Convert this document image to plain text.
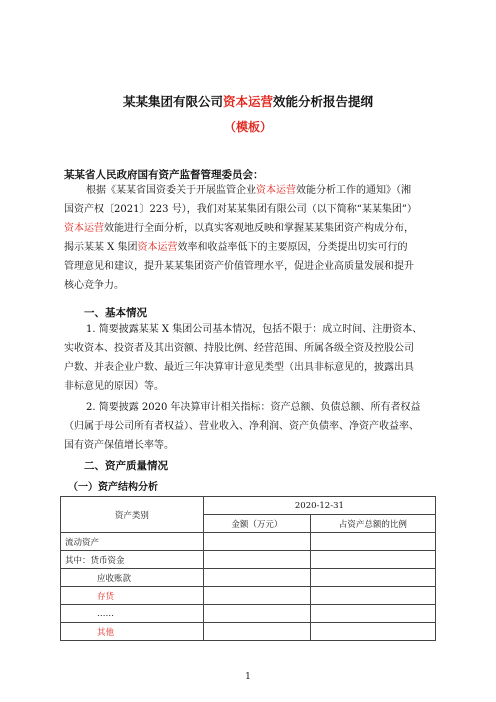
某某集团有限公司资本运营效能分析报告提纲
（模板）
某某省人民政府国有资产监督管理委员会：
根据《某某省国资委关于开展监管企业资本运营效能分析工作的通知》（湘
国资产权〔2021〕223 号），我们对某某集团有限公司（以下简称“某某集团”）
资本运营效能进行全面分析，以真实客观地反映和掌握某某集团资产构成分布，
揭示某某 X 集团资本运营效率和收益率低下的主要原因，分类提出切实可行的
管理意见和建议，提升某某集团资产价值管理水平，促进企业高质量发展和提升
核心竞争力。
一、基本情况
1. 简要披露某某 X 集团公司基本情况，包括不限于：成立时间、注册资本、
实收资本、投资者及其出资额、持股比例、经营范围、所属各级全资及控股公司
户数、并表企业户数、最近三年决算审计意见类型（出具非标意见的，披露出具
非标意见的原因）等。
2. 简要披露 2020 年决算审计相关指标：资产总额、负债总额、所有者权益
（归属于母公司所有者权益）、营业收入、净利润、资产负债率、净资产收益率、
国有资产保值增长率等。
二、资产质量情况
（一）资产结构分析
资产类别	2020-12-31	
	金额（万元）	占资产总额的比例
流动资产		
其中：货币资金		
应收账款		
存货		
……		
其他		
1
